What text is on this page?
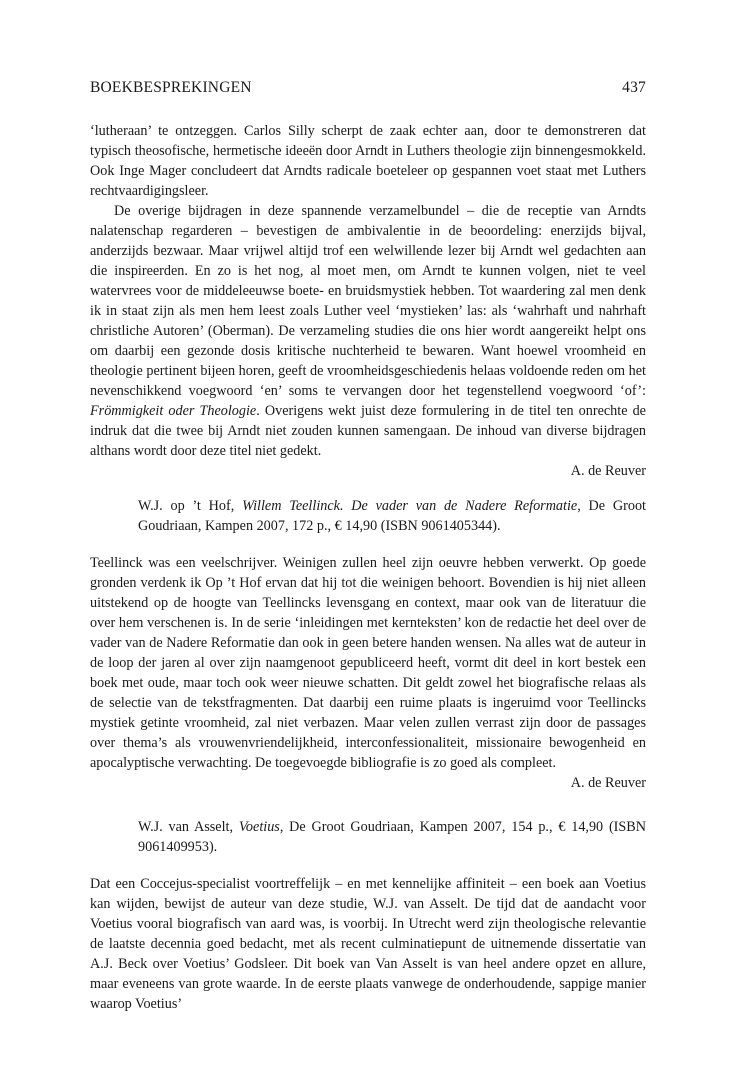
BOEKBESPREKINGEN	437

‘lutheraan’ te ontzeggen. Carlos Silly scherpt de zaak echter aan, door te demonstreren dat typisch theosofische, hermetische ideeën door Arndt in Luthers theologie zijn binnengesmokkeld. Ook Inge Mager concludeert dat Arndts radicale boeteleer op gespannen voet staat met Luthers rechtvaardigingsleer.

De overige bijdragen in deze spannende verzamelbundel – die de receptie van Arndts nalatenschap regarderen – bevestigen de ambivalentie in de beoordeling: enerzijds bijval, anderzijds bezwaar. Maar vrijwel altijd trof een welwillende lezer bij Arndt wel gedachten aan die inspireerden. En zo is het nog, al moet men, om Arndt te kunnen volgen, niet te veel watervrees voor de middeleeuwse boete- en bruidsmystiek hebben. Tot waardering zal men denk ik in staat zijn als men hem leest zoals Luther veel ‘mystieken’ las: als ‘wahrhaft und nahrhaft christliche Autoren’ (Oberman). De verzameling studies die ons hier wordt aangereikt helpt ons om daarbij een gezonde dosis kritische nuchterheid te bewaren. Want hoewel vroomheid en theologie pertinent bijeen horen, geeft de vroomheidsgeschiedenis helaas voldoende reden om het nevenschikkend voegwoord ‘en’ soms te vervangen door het tegenstellend voegwoord ‘of’: Frömmigkeit oder Theologie. Overigens wekt juist deze formulering in de titel ten onrechte de indruk dat die twee bij Arndt niet zouden kunnen samengaan. De inhoud van diverse bijdragen althans wordt door deze titel niet gedekt.

A. de Reuver

W.J. op ’t Hof, Willem Teellinck. De vader van de Nadere Reformatie, De Groot Goudriaan, Kampen 2007, 172 p., € 14,90 (ISBN 9061405344).

Teellinck was een veelschrijver. Weinigen zullen heel zijn oeuvre hebben verwerkt. Op goede gronden verdenk ik Op ’t Hof ervan dat hij tot die weinigen behoort. Bovendien is hij niet alleen uitstekend op de hoogte van Teellincks levensgang en context, maar ook van de literatuur die over hem verschenen is. In de serie ‘inleidingen met kernteksten’ kon de redactie het deel over de vader van de Nadere Reformatie dan ook in geen betere handen wensen. Na alles wat de auteur in de loop der jaren al over zijn naamgenoot gepubliceerd heeft, vormt dit deel in kort bestek een boek met oude, maar toch ook weer nieuwe schatten. Dit geldt zowel het biografische relaas als de selectie van de tekstfragmenten. Dat daarbij een ruime plaats is ingeruimd voor Teellincks mystiek getinte vroomheid, zal niet verbazen. Maar velen zullen verrast zijn door de passages over thema’s als vrouwenvriendelijkheid, interconfessionaliteit, missionaire bewogenheid en apocalyptische verwachting. De toegevoegde bibliografie is zo goed als compleet.

A. de Reuver

W.J. van Asselt, Voetius, De Groot Goudriaan, Kampen 2007, 154 p., € 14,90 (ISBN 9061409953).

Dat een Coccejus-specialist voortreffelijk – en met kennelijke affiniteit – een boek aan Voetius kan wijden, bewijst de auteur van deze studie, W.J. van Asselt. De tijd dat de aandacht voor Voetius vooral biografisch van aard was, is voorbij. In Utrecht werd zijn theologische relevantie de laatste decennia goed bedacht, met als recent culminatiepunt de uitnemende dissertatie van A.J. Beck over Voetius’ Godsleer. Dit boek van Van Asselt is van heel andere opzet en allure, maar eveneens van grote waarde. In de eerste plaats vanwege de onderhoudende, sappige manier waarop Voetius’
